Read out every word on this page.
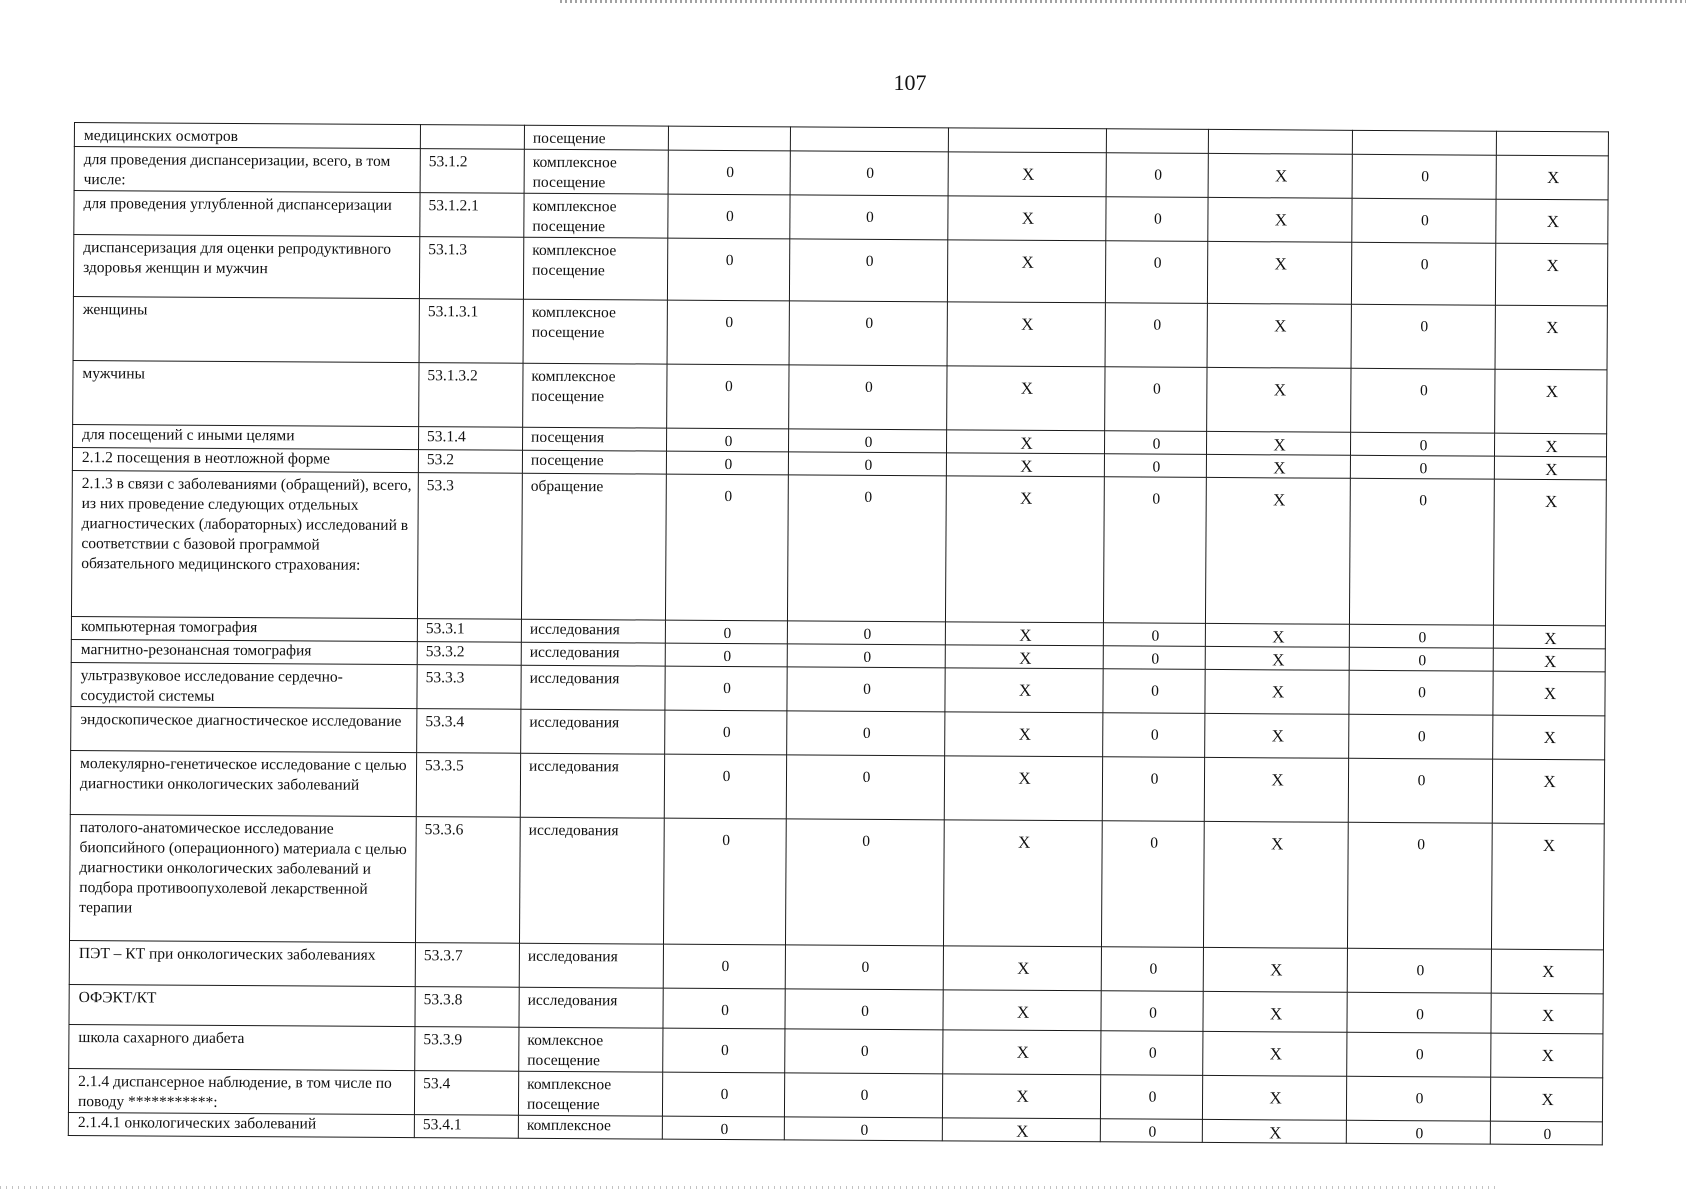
107
медицинских осмотров		посещение							
для проведения диспансеризации, всего, в том числе:	53.1.2	комплексное посещение	0	0	Х	0	Х	0	Х
для проведения углубленной диспансеризации	53.1.2.1	комплексное посещение	0	0	Х	0	Х	0	Х
диспансеризация для оценки репродуктивного здоровья женщин и мужчин	53.1.3	комплексное посещение	0	0	Х	0	Х	0	Х
женщины	53.1.3.1	комплексное посещение	0	0	Х	0	Х	0	Х
мужчины	53.1.3.2	комплексное посещение	0	0	Х	0	Х	0	Х
для посещений с иными целями	53.1.4	посещения	0	0	Х	0	Х	0	Х
2.1.2 посещения в неотложной форме	53.2	посещение	0	0	Х	0	Х	0	Х
2.1.3 в связи с заболеваниями (обращений), всего, из них проведение следующих отдельных диагностических (лабораторных) исследований в соответствии с базовой программой обязательного медицинского страхования:	53.3	обращение	0	0	Х	0	Х	0	Х
компьютерная томография	53.3.1	исследования	0	0	Х	0	Х	0	Х
магнитно-резонансная томография	53.3.2	исследования	0	0	Х	0	Х	0	Х
ультразвуковое исследование сердечно-сосудистой системы	53.3.3	исследования	0	0	Х	0	Х	0	Х
эндоскопическое диагностическое исследование	53.3.4	исследования	0	0	Х	0	Х	0	Х
молекулярно-генетическое исследование с целью диагностики онкологических заболеваний	53.3.5	исследования	0	0	Х	0	Х	0	Х
патолого-анатомическое исследование биопсийного (операционного) материала с целью диагностики онкологических заболеваний и подбора противоопухолевой лекарственной терапии	53.3.6	исследования	0	0	Х	0	Х	0	Х
ПЭТ – КТ при онкологических заболеваниях	53.3.7	исследования	0	0	Х	0	Х	0	Х
ОФЭКТ/КТ	53.3.8	исследования	0	0	Х	0	Х	0	Х
школа сахарного диабета	53.3.9	комлексное посещение	0	0	Х	0	Х	0	Х
2.1.4 диспансерное наблюдение, в том числе по поводу ***********:	53.4	комплексное посещение	0	0	Х	0	Х	0	Х
2.1.4.1 онкологических заболеваний	53.4.1	комплексное	0	0	Х	0	Х	0	0
